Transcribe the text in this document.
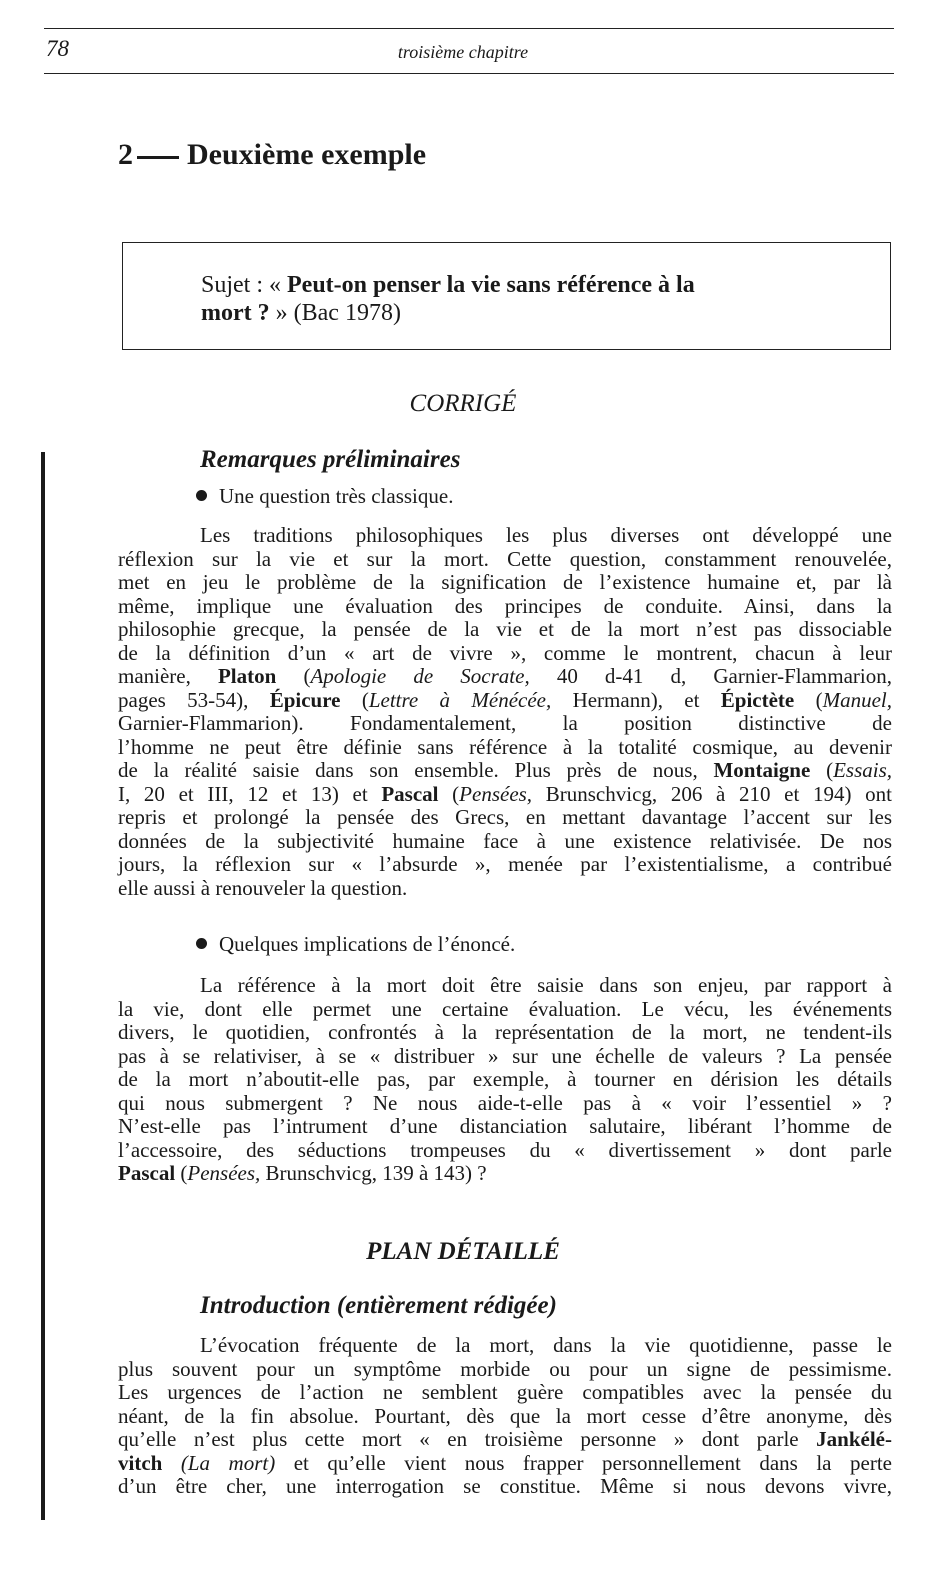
78	troisième chapitre
2 Deuxième exemple
Sujet : « Peut-on penser la vie sans référence à la
mort ? » (Bac 1978)
CORRIGÉ
Remarques préliminaires
Une question très classique.

Les traditions philosophiques les plus diverses ont développé une

réflexion sur la vie et sur la mort. Cette question, constamment renouvelée,

met en jeu le problème de la signification de l’existence humaine et, par là

même, implique une évaluation des principes de conduite. Ainsi, dans la

philosophie grecque, la pensée de la vie et de la mort n’est pas dissociable

de la définition d’un « art de vivre », comme le montrent, chacun à leur

manière, Platon (Apologie de Socrate, 40 d-41 d, Garnier-Flammarion,

pages 53-54), Épicure (Lettre à Ménécée, Hermann), et Épictète (Manuel,

Garnier-Flammarion). Fondamentalement, la position distinctive de

l’homme ne peut être définie sans référence à la totalité cosmique, au devenir

de la réalité saisie dans son ensemble. Plus près de nous, Montaigne (Essais,

I, 20 et III, 12 et 13) et Pascal (Pensées, Brunschvicg, 206 à 210 et 194) ont

repris et prolongé la pensée des Grecs, en mettant davantage l’accent sur les

données de la subjectivité humaine face à une existence relativisée. De nos

jours, la réflexion sur « l’absurde », menée par l’existentialisme, a contribué

elle aussi à renouveler la question.

Quelques implications de l’énoncé.

La référence à la mort doit être saisie dans son enjeu, par rapport à

la vie, dont elle permet une certaine évaluation. Le vécu, les événements

divers, le quotidien, confrontés à la représentation de la mort, ne tendent-ils

pas à se relativiser, à se « distribuer » sur une échelle de valeurs ? La pensée

de la mort n’aboutit-elle pas, par exemple, à tourner en dérision les détails

qui nous submergent ? Ne nous aide-t-elle pas à « voir l’essentiel » ?

N’est-elle pas l’intrument d’une distanciation salutaire, libérant l’homme de

l’accessoire, des séductions trompeuses du « divertissement » dont parle

Pascal (Pensées, Brunschvicg, 139 à 143) ?

PLAN DÉTAILLÉ
Introduction (entièrement rédigée)

L’évocation fréquente de la mort, dans la vie quotidienne, passe le

plus souvent pour un symptôme morbide ou pour un signe de pessimisme.

Les urgences de l’action ne semblent guère compatibles avec la pensée du

néant, de la fin absolue. Pourtant, dès que la mort cesse d’être anonyme, dès

qu’elle n’est plus cette mort « en troisième personne » dont parle Jankélé-

vitch (La mort) et qu’elle vient nous frapper personnellement dans la perte

d’un être cher, une interrogation se constitue. Même si nous devons vivre,
